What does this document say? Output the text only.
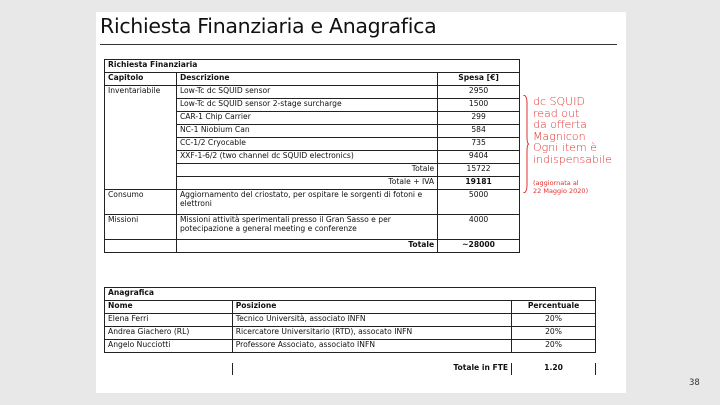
Richiesta Finanziaria e Anagrafica
Richiesta Finanziaria		
Capitolo	Descrizione	Spesa [€]
Inventariabile	Low-Tc dc SQUID sensor	2950
	Low-Tc dc SQUID sensor 2-stage surcharge	1500
	CAR-1 Chip Carrier	299
	NC-1 Niobium Can	584
	CC-1/2 Cryocable	735
	XXF-1-6/2 (two channel dc SQUID electronics)	9404
	Totale	15722
	Totale + IVA	19181
Consumo	Aggiornamento del criostato, per ospitare le sorgenti di fotoni e elettroni	5000
Missioni	Missioni attività sperimentali presso il Gran Sasso e per potecipazione a general meeting e conferenze	4000
	Totale	~28000
dc SQUID
read out
da offerta
Magnicon
Ogni item è
indispensabile
(aggiornata al
22 Maggio 2020)
Anagrafica		
Nome	Posizione	Percentuale
Elena Ferri	Tecnico Università, associato INFN	20%
Andrea Giachero (RL)	Ricercatore Universitario (RTD), assocato INFN	20%
Angelo Nucciotti	Professore Associato, associato INFN	20%

	Totale in FTE	1.20
38
